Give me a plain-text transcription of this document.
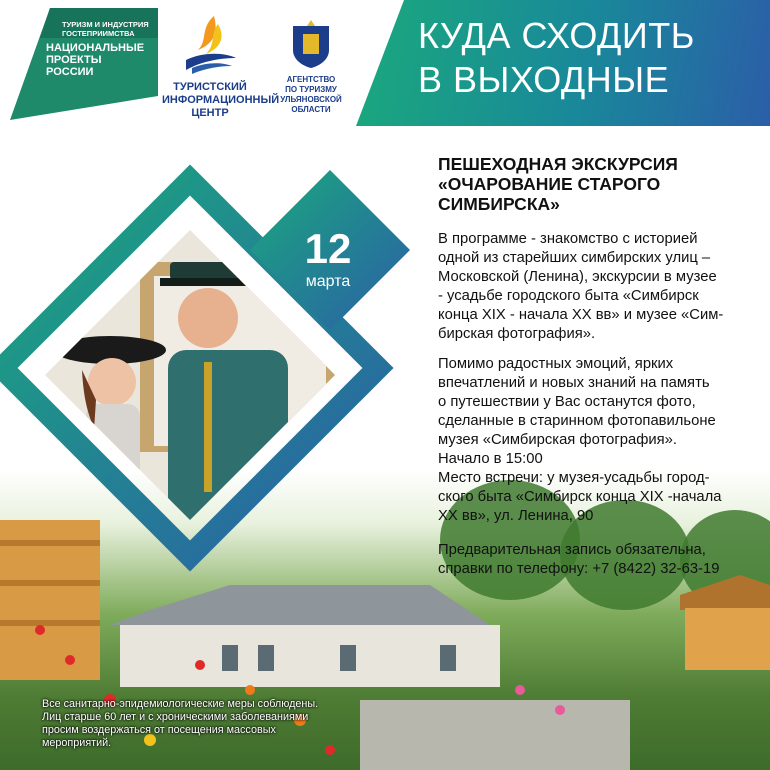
ТУРИЗМ И ИНДУСТРИЯ ГОСТЕПРИИМСТВА
НАЦИОНАЛЬНЫЕ
ПРОЕКТЫ
РОССИИ
ТУРИСТСКИЙ
ИНФОРМАЦИОННЫЙ
ЦЕНТР
АГЕНТСТВО
ПО ТУРИЗМУ
УЛЬЯНОВСКОЙ
ОБЛАСТИ
КУДА СХОДИТЬ
В ВЫХОДНЫЕ
12
марта
ПЕШЕХОДНАЯ ЭКСКУРСИЯ
«ОЧАРОВАНИЕ СТАРОГО
СИМБИРСКА»
В программе - знакомство с историей
одной из старейших симбирских улиц –
Московской (Ленина), экскурсии в музее
- усадьбе городского быта «Симбирск
конца XIX - начала XX вв» и музее «Сим-
бирская фотография».
Помимо радостных эмоций, ярких
впечатлений и новых знаний на память
о путешествии у Вас останутся фото,
сделанные в старинном фотопавильоне
музея «Симбирская фотография».
Начало в 15:00
Место встречи: у музея-усадьбы город-
ского быта «Симбирск конца XIX -начала
XX вв», ул. Ленина, 90
Предварительная запись обязательна,
справки по телефону: +7 (8422) 32-63-19
Все санитарно-эпидемиологические меры соблюдены.
Лиц старше 60 лет и с хроническими заболеваниями
просим воздержаться от посещения массовых
мероприятий.
